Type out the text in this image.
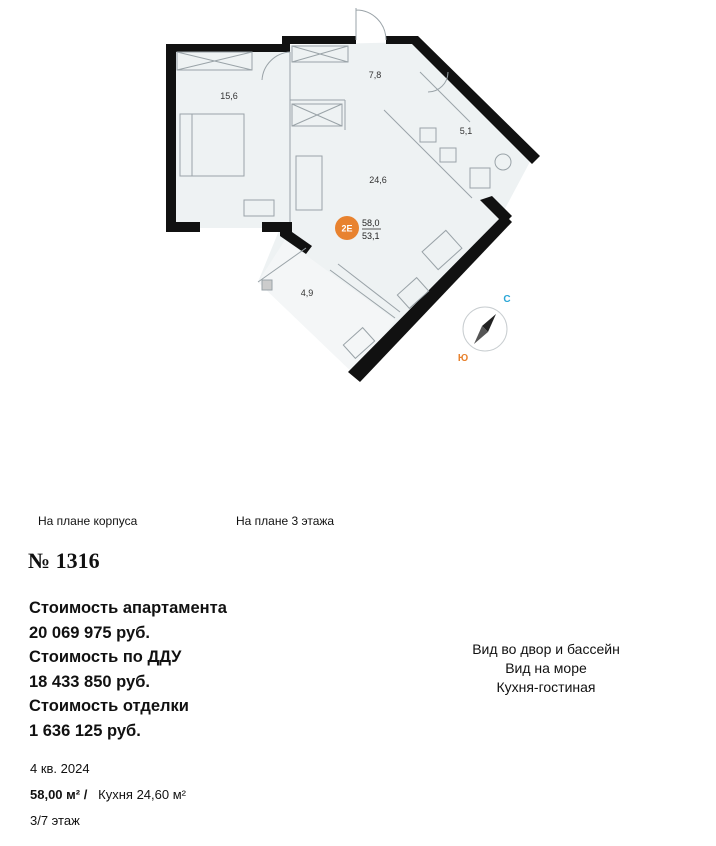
15,6
7,8
5,1
24,6
4,9
2E
58,0
53,1
С
Ю
На плане корпуса	На плане 3 этажа
№ 1316
Стоимость апартамента
20 069 975 руб.
Стоимость по ДДУ
18 433 850 руб.
Стоимость отделки
1 636 125 руб.
Вид во двор и бассейн
Вид на море
Кухня-гостиная
4 кв. 2024
58,00 м² / Кухня 24,60 м²
3/7 этаж
